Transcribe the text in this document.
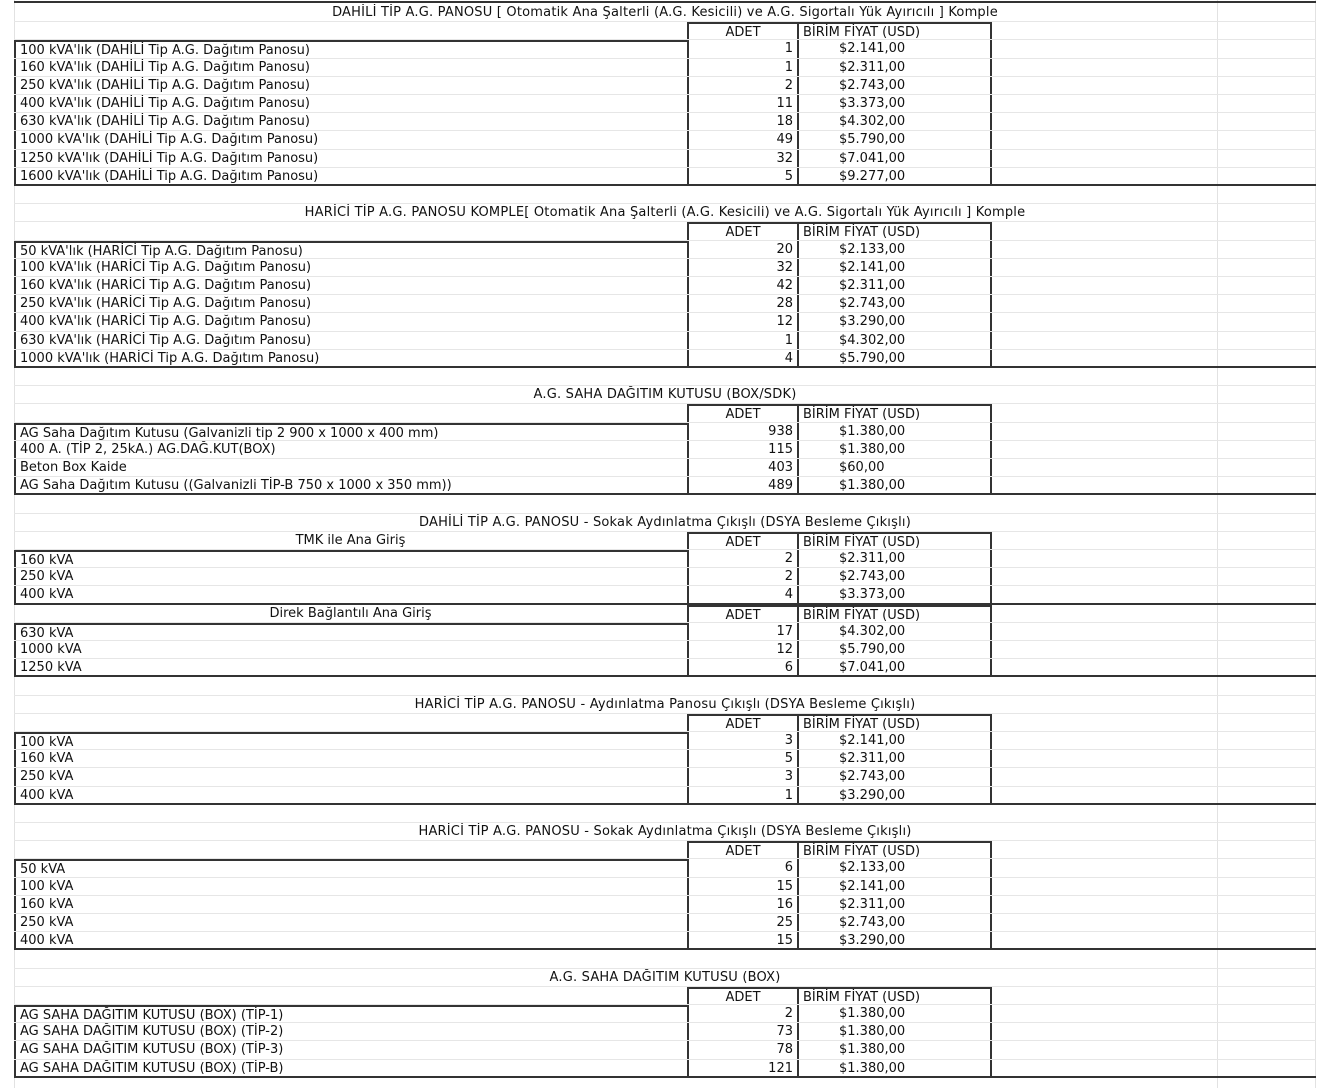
DAHİLİ TİP A.G. PANOSU [ Otomatik Ana Şalterli (A.G. Kesicili) ve A.G. Sigortalı Yük Ayırıcılı ] Komple
ADET	BİRİM FİYAT (USD)
100 kVA'lık (DAHİLİ Tip A.G. Dağıtım Panosu)	1	$2.141,00
160 kVA'lık (DAHİLİ Tip A.G. Dağıtım Panosu)	1	$2.311,00
250 kVA'lık (DAHİLİ Tip A.G. Dağıtım Panosu)	2	$2.743,00
400 kVA'lık (DAHİLİ Tip A.G. Dağıtım Panosu)	11	$3.373,00
630 kVA'lık (DAHİLİ Tip A.G. Dağıtım Panosu)	18	$4.302,00
1000 kVA'lık (DAHİLİ Tip A.G. Dağıtım Panosu)	49	$5.790,00
1250 kVA'lık (DAHİLİ Tip A.G. Dağıtım Panosu)	32	$7.041,00
1600 kVA'lık (DAHİLİ Tip A.G. Dağıtım Panosu)	5	$9.277,00
HARİCİ TİP A.G. PANOSU KOMPLE[ Otomatik Ana Şalterli (A.G. Kesicili) ve A.G. Sigortalı Yük Ayırıcılı ] Komple
ADET	BİRİM FİYAT (USD)
50 kVA'lık (HARİCİ Tip A.G. Dağıtım Panosu)	20	$2.133,00
100 kVA'lık (HARİCİ Tip A.G. Dağıtım Panosu)	32	$2.141,00
160 kVA'lık (HARİCİ Tip A.G. Dağıtım Panosu)	42	$2.311,00
250 kVA'lık (HARİCİ Tip A.G. Dağıtım Panosu)	28	$2.743,00
400 kVA'lık (HARİCİ Tip A.G. Dağıtım Panosu)	12	$3.290,00
630 kVA'lık (HARİCİ Tip A.G. Dağıtım Panosu)	1	$4.302,00
1000 kVA'lık (HARİCİ Tip A.G. Dağıtım Panosu)	4	$5.790,00
A.G. SAHA DAĞITIM KUTUSU (BOX/SDK)
ADET	BİRİM FİYAT (USD)
AG Saha Dağıtım Kutusu (Galvanizli tip 2 900 x 1000 x 400 mm)	938	$1.380,00
400 A. (TİP 2, 25kA.) AG.DAĞ.KUT(BOX)	115	$1.380,00
Beton Box Kaide	403	$60,00
AG Saha Dağıtım Kutusu ((Galvanizli TİP-B 750 x 1000 x 350 mm))	489	$1.380,00
DAHİLİ TİP A.G. PANOSU - Sokak Aydınlatma Çıkışlı (DSYA Besleme Çıkışlı)
TMK ile Ana Giriş	ADET	BİRİM FİYAT (USD)
160 kVA	2	$2.311,00
250 kVA	2	$2.743,00
400 kVA	4	$3.373,00
Direk Bağlantılı Ana Giriş	ADET	BİRİM FİYAT (USD)
630 kVA	17	$4.302,00
1000 kVA	12	$5.790,00
1250 kVA	6	$7.041,00
HARİCİ TİP A.G. PANOSU - Aydınlatma Panosu Çıkışlı (DSYA Besleme Çıkışlı)
ADET	BİRİM FİYAT (USD)
100 kVA	3	$2.141,00
160 kVA	5	$2.311,00
250 kVA	3	$2.743,00
400 kVA	1	$3.290,00
HARİCİ TİP A.G. PANOSU - Sokak Aydınlatma Çıkışlı (DSYA Besleme Çıkışlı)
ADET	BİRİM FİYAT (USD)
50 kVA	6	$2.133,00
100 kVA	15	$2.141,00
160 kVA	16	$2.311,00
250 kVA	25	$2.743,00
400 kVA	15	$3.290,00
A.G. SAHA DAĞITIM KUTUSU (BOX)
ADET	BİRİM FİYAT (USD)
AG SAHA DAĞITIM KUTUSU (BOX) (TİP-1)	2	$1.380,00
AG SAHA DAĞITIM KUTUSU (BOX) (TİP-2)	73	$1.380,00
AG SAHA DAĞITIM KUTUSU (BOX) (TİP-3)	78	$1.380,00
AG SAHA DAĞITIM KUTUSU (BOX) (TİP-B)	121	$1.380,00
